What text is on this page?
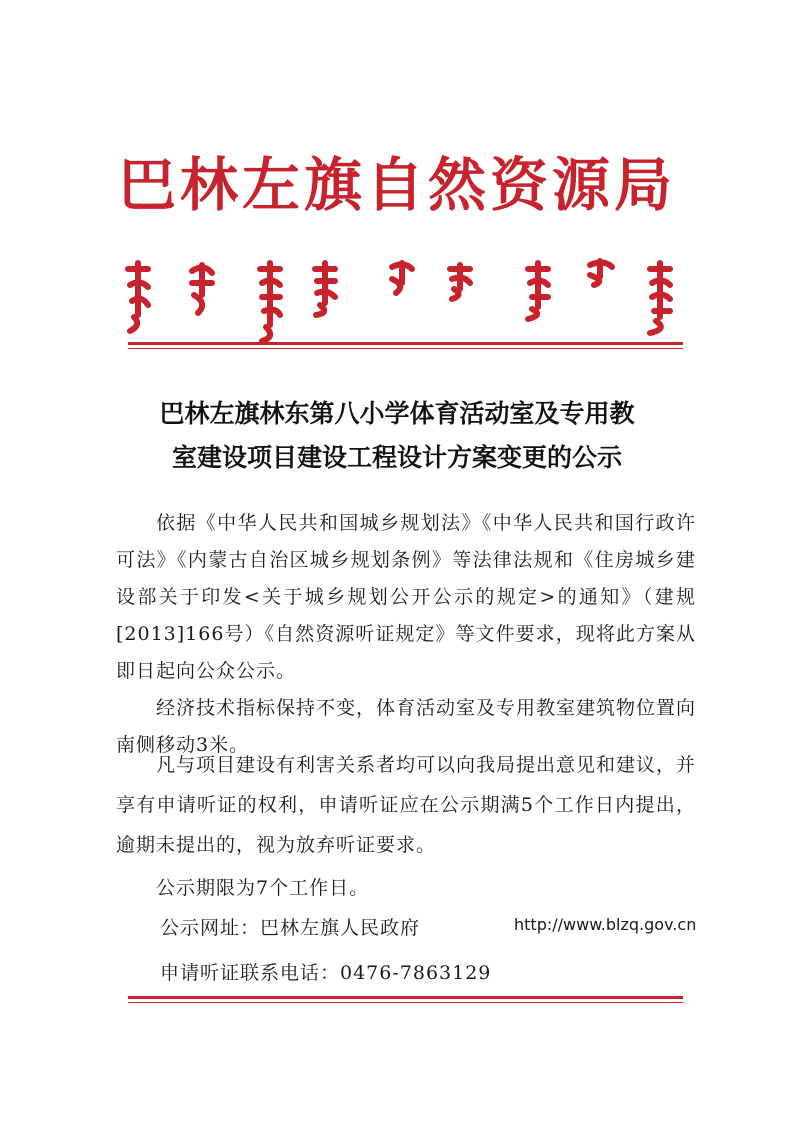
巴林左旗自然资源局
巴林左旗林东第八小学体育活动室及专用教
室建设项目建设工程设计方案变更的公示
依据《中华人民共和国城乡规划法》《中华人民共和国行政许可法》《内蒙古自治区城乡规划条例》等法律法规和《住房城乡建设部关于印发<关于城乡规划公开公示的规定>的通知》（建规[2013]166号）《自然资源听证规定》等文件要求，现将此方案从即日起向公众公示。
经济技术指标保持不变，体育活动室及专用教室建筑物位置向南侧移动3米。
凡与项目建设有利害关系者均可以向我局提出意见和建议，并享有申请听证的权利，申请听证应在公示期满5个工作日内提出，逾期未提出的，视为放弃听证要求。
公示期限为7个工作日。
公示网址：巴林左旗人民政府	http://www.blzq.gov.cn
申请听证联系电话：0476-7863129
